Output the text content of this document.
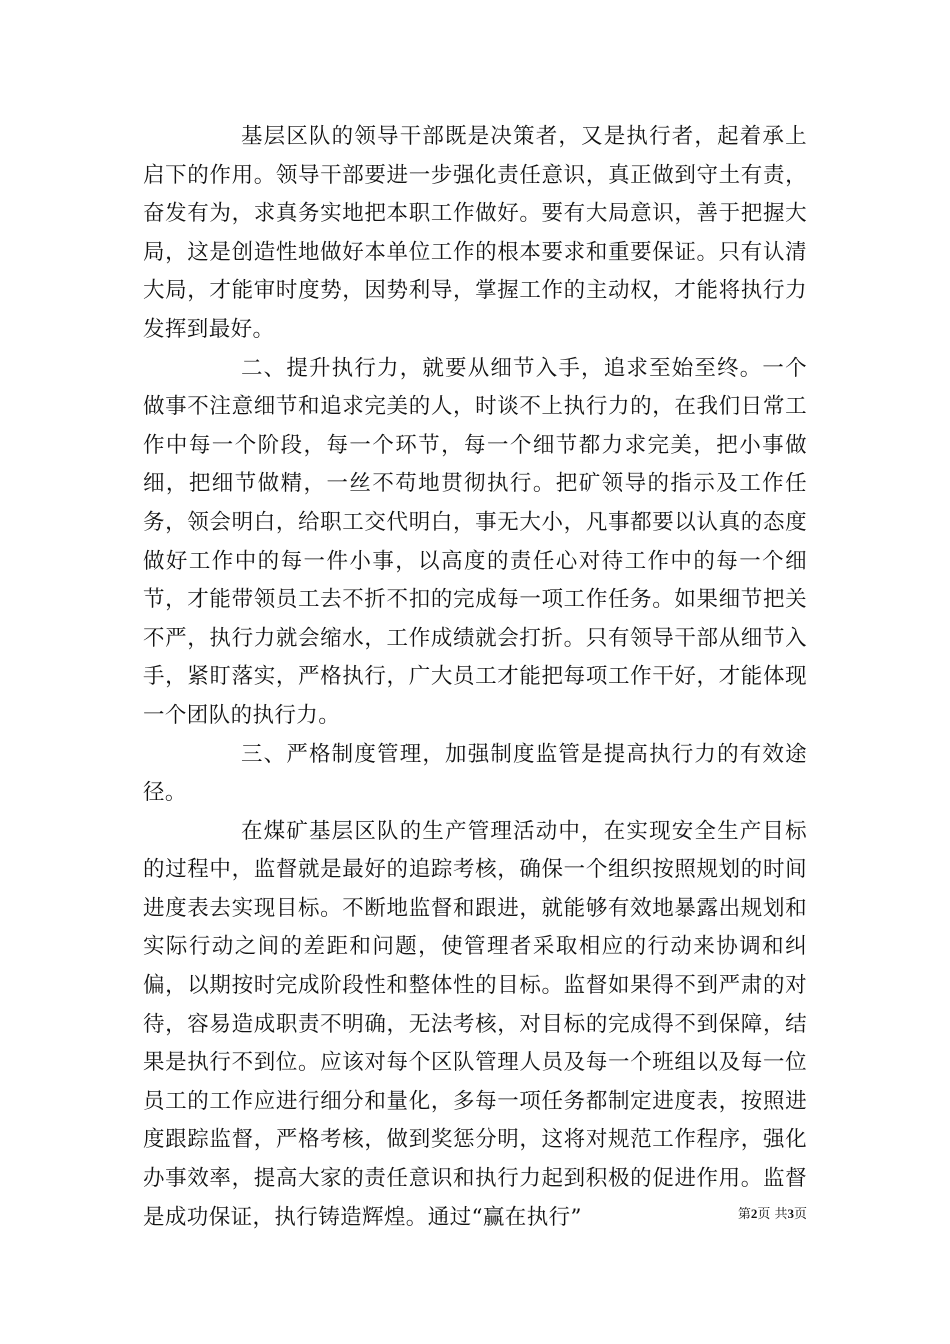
基层区队的领导干部既是决策者，又是执行者，起着承上启下的作用。领导干部要进一步强化责任意识，真正做到守土有责，奋发有为，求真务实地把本职工作做好。要有大局意识，善于把握大局，这是创造性地做好本单位工作的根本要求和重要保证。只有认清大局，才能审时度势，因势利导，掌握工作的主动权，才能将执行力发挥到最好。

二、提升执行力，就要从细节入手，追求至始至终。一个做事不注意细节和追求完美的人，时谈不上执行力的，在我们日常工作中每一个阶段，每一个环节，每一个细节都力求完美，把小事做细，把细节做精，一丝不苟地贯彻执行。把矿领导的指示及工作任务，领会明白，给职工交代明白，事无大小，凡事都要以认真的态度做好工作中的每一件小事，以高度的责任心对待工作中的每一个细节，才能带领员工去不折不扣的完成每一项工作任务。如果细节把关不严，执行力就会缩水，工作成绩就会打折。只有领导干部从细节入手，紧盯落实，严格执行，广大员工才能把每项工作干好，才能体现一个团队的执行力。

三、严格制度管理，加强制度监管是提高执行力的有效途径。

在煤矿基层区队的生产管理活动中，在实现安全生产目标的过程中，监督就是最好的追踪考核，确保一个组织按照规划的时间进度表去实现目标。不断地监督和跟进，就能够有效地暴露出规划和实际行动之间的差距和问题，使管理者采取相应的行动来协调和纠偏，以期按时完成阶段性和整体性的目标。监督如果得不到严肃的对待，容易造成职责不明确，无法考核，对目标的完成得不到保障，结果是执行不到位。应该对每个区队管理人员及每一个班组以及每一位员工的工作应进行细分和量化，多每一项任务都制定进度表，按照进度跟踪监督，严格考核，做到奖惩分明，这将对规范工作程序，强化办事效率，提高大家的责任意识和执行力起到积极的促进作用。监督是成功保证，执行铸造辉煌。通过“赢在执行”	第2页 共3页
